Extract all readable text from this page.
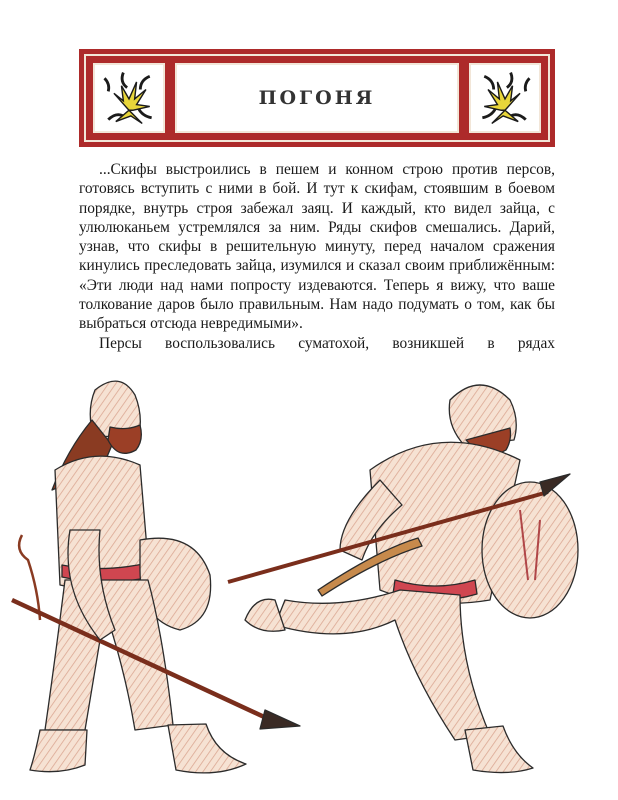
ПОГОНЯ

...Скифы выстроились в пешем и конном строю против персов, готовясь вступить с ними в бой. И тут к скифам, стоявшим в боевом порядке, внутрь строя забежал заяц. И каждый, кто видел зайца, с улюлюканьем устремлялся за ним. Ряды скифов смешались. Дарий, узнав, что скифы в решительную минуту, перед началом сражения кинулись преследовать зайца, изумился и сказал своим приближённым: «Эти люди над нами попросту издеваются. Теперь я вижу, что ваше толкование даров было правильным. Нам надо подумать о том, как бы выбраться отсюда невредимыми».

Персы воспользовались суматохой, возникшей в рядах
